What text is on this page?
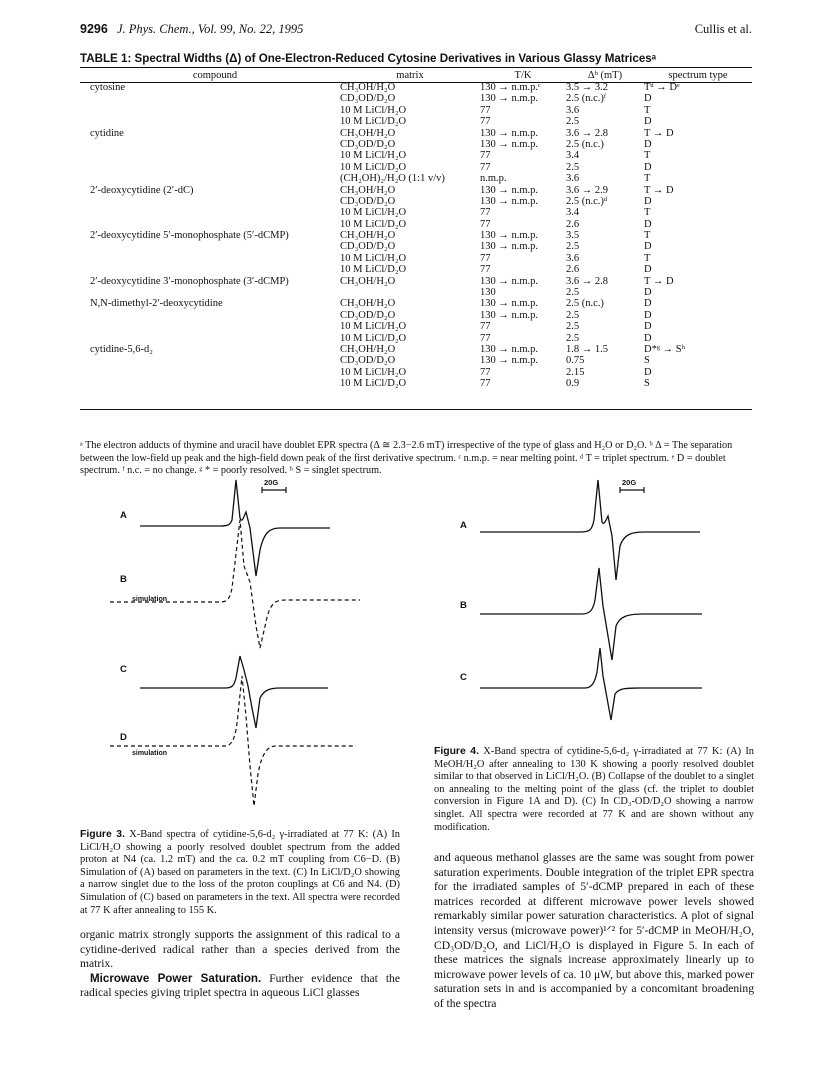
9296 J. Phys. Chem., Vol. 99, No. 22, 1995	Cullis et al.
TABLE 1: Spectral Widths (Δ) of One-Electron-Reduced Cytosine Derivatives in Various Glassy Matricesᵃ
compound	matrix	T/K	Δᵇ (mT)	spectrum type
cytosine	CH₃OH/H₂O	130 → n.m.p.ᶜ	3.5 → 3.2	Tᵈ → Dᵉ
	CD₃OD/D₂O	130 → n.m.p.	2.5 (n.c.)ᶠ	D
	10 M LiCl/H₂O	77	3.6	T
	10 M LiCl/D₂O	77	2.5	D
cytidine	CH₃OH/H₂O	130 → n.m.p.	3.6 → 2.8	T → D
	CD₃OD/D₂O	130 → n.m.p.	2.5 (n.c.)	D
	10 M LiCl/H₂O	77	3.4	T
	10 M LiCl/D₂O	77	2.5	D
	(CH₂OH)₂/H₂O (1:1 v/v)	n.m.p.	3.6	T
2′-deoxycytidine (2′-dC)	CH₃OH/H₂O	130 → n.m.p.	3.6 → 2.9	T → D
	CD₃OD/D₂O	130 → n.m.p.	2.5 (n.c.)ᵈ	D
	10 M LiCl/H₂O	77	3.4	T
	10 M LiCl/D₂O	77	2.6	D
2′-deoxycytidine 5′-monophosphate (5′-dCMP)	CH₃OH/H₂O	130 → n.m.p.	3.5	T
	CD₃OD/D₂O	130 → n.m.p.	2.5	D
	10 M LiCl/H₂O	77	3.6	T
	10 M LiCl/D₂O	77	2.6	D
2′-deoxycytidine 3′-monophosphate (3′-dCMP)	CH₃OH/H₂O	130 → n.m.p.	3.6 → 2.8	T → D
		130	2.5	D
N,N-dimethyl-2′-deoxycytidine	CH₃OH/H₂O	130 → n.m.p.	2.5 (n.c.)	D
	CD₃OD/D₂O	130 → n.m.p.	2.5	D
	10 M LiCl/H₂O	77	2.5	D
	10 M LiCl/D₂O	77	2.5	D
cytidine-5,6-d₂	CH₃OH/H₂O	130 → n.m.p.	1.8 → 1.5	D*ᵍ → Sʰ
	CD₃OD/D₂O	130 → n.m.p.	0.75	S
	10 M LiCl/H₂O	77	2.15	D
	10 M LiCl/D₂O	77	0.9	S
ᵃ The electron adducts of thymine and uracil have doublet EPR spectra (Δ ≅ 2.3−2.6 mT) irrespective of the type of glass and H₂O or D₂O. ᵇ Δ = The separation between the low-field up peak and the high-field down peak of the first derivative spectrum. ᶜ n.m.p. = near melting point. ᵈ T = triplet spectrum. ᵉ D = doublet spectrum. ᶠ n.c. = no change. ᵍ * = poorly resolved. ʰ S = singlet spectrum.
20G
A
B
simulation
C
D
simulation
Figure 3. X-Band spectra of cytidine-5,6-d₂ γ-irradiated at 77 K: (A) In LiCl/H₂O showing a poorly resolved doublet spectrum from the added proton at N4 (ca. 1.2 mT) and the ca. 0.2 mT coupling from C6−D. (B) Simulation of (A) based on parameters in the text. (C) In LiCl/D₂O showing a narrow singlet due to the loss of the proton couplings at C6 and N4. (D) Simulation of (C) based on parameters in the text. All spectra were recorded at 77 K after annealing to 155 K.
20G
A
B
C
Figure 4. X-Band spectra of cytidine-5,6-d₂ γ-irradiated at 77 K: (A) In MeOH/H₂O after annealing to 130 K showing a poorly resolved doublet similar to that observed in LiCl/H₂O. (B) Collapse of the doublet to a singlet on annealing to the melting point of the glass (cf. the triplet to doublet conversion in Figure 1A and D). (C) In CD₃-OD/D₂O showing a narrow singlet. All spectra were recorded at 77 K and are shown without any modification.

organic matrix strongly supports the assignment of this radical to a cytidine-derived radical rather than a species derived from the matrix.

Microwave Power Saturation. Further evidence that the radical species giving triplet spectra in aqueous LiCl glasses

and aqueous methanol glasses are the same was sought from power saturation experiments. Double integration of the triplet EPR spectra for the irradiated samples of 5′-dCMP prepared in each of these matrices recorded at different microwave power levels showed remarkably similar power saturation characteristics. A plot of signal intensity versus (microwave power)¹ᐟ² for 5′-dCMP in MeOH/H₂O, CD₃OD/D₂O, and LiCl/H₂O is displayed in Figure 5. In each of these matrices the signals increase approximately linearly up to microwave power levels of ca. 10 μW, but above this, marked power saturation sets in and is accompanied by a concomitant broadening of the spectra
